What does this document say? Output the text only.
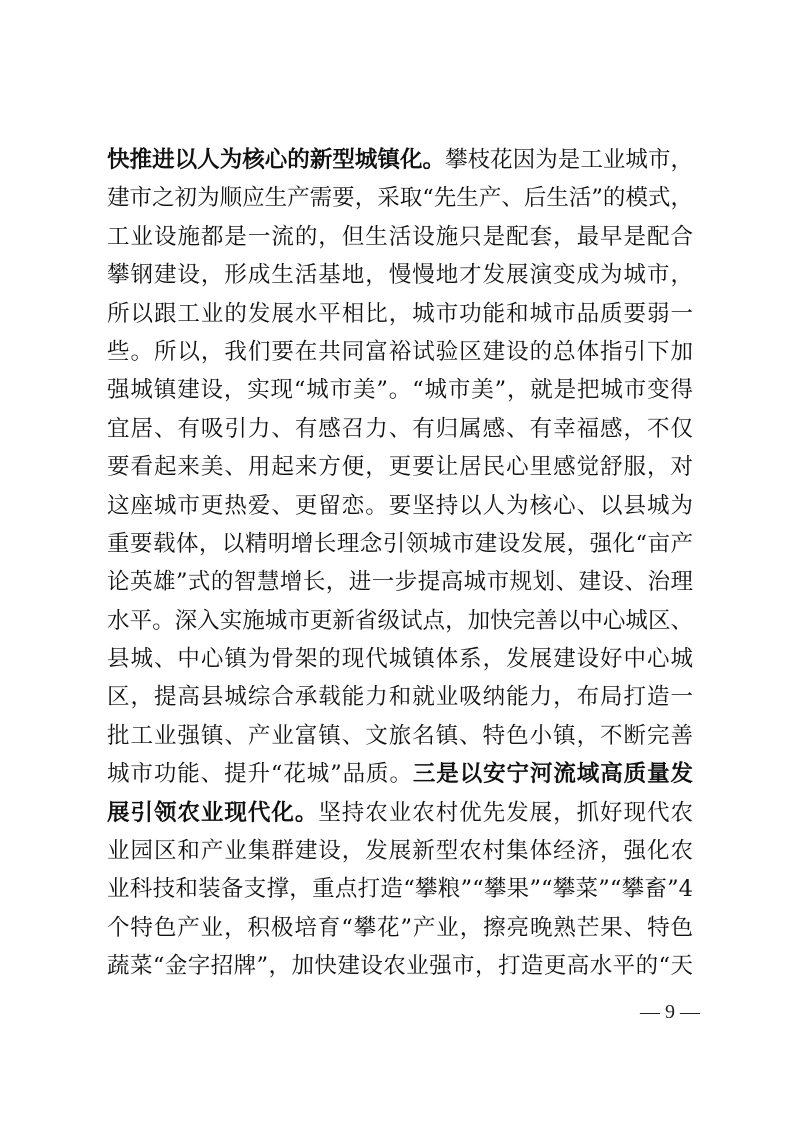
快推进以人为核心的新型城镇化。攀枝花因为是工业城市，
建市之初为顺应生产需要，采取“先生产、后生活”的模式，
工业设施都是一流的，但生活设施只是配套，最早是配合
攀钢建设，形成生活基地，慢慢地才发展演变成为城市，
所以跟工业的发展水平相比，城市功能和城市品质要弱一
些。所以，我们要在共同富裕试验区建设的总体指引下加
强城镇建设，实现“城市美”。“城市美”，就是把城市变得
宜居、有吸引力、有感召力、有归属感、有幸福感，不仅
要看起来美、用起来方便，更要让居民心里感觉舒服，对
这座城市更热爱、更留恋。要坚持以人为核心、以县城为
重要载体，以精明增长理念引领城市建设发展，强化“亩产
论英雄”式的智慧增长，进一步提高城市规划、建设、治理
水平。深入实施城市更新省级试点，加快完善以中心城区、
县城、中心镇为骨架的现代城镇体系，发展建设好中心城
区，提高县城综合承载能力和就业吸纳能力，布局打造一
批工业强镇、产业富镇、文旅名镇、特色小镇，不断完善
城市功能、提升“花城”品质。三是以安宁河流域高质量发
展引领农业现代化。坚持农业农村优先发展，抓好现代农
业园区和产业集群建设，发展新型农村集体经济，强化农
业科技和装备支撑，重点打造“攀粮”“攀果”“攀菜”“攀畜”4
个特色产业，积极培育“攀花”产业，擦亮晚熟芒果、特色
蔬菜“金字招牌”，加快建设农业强市，打造更高水平的“天
— 9 —
